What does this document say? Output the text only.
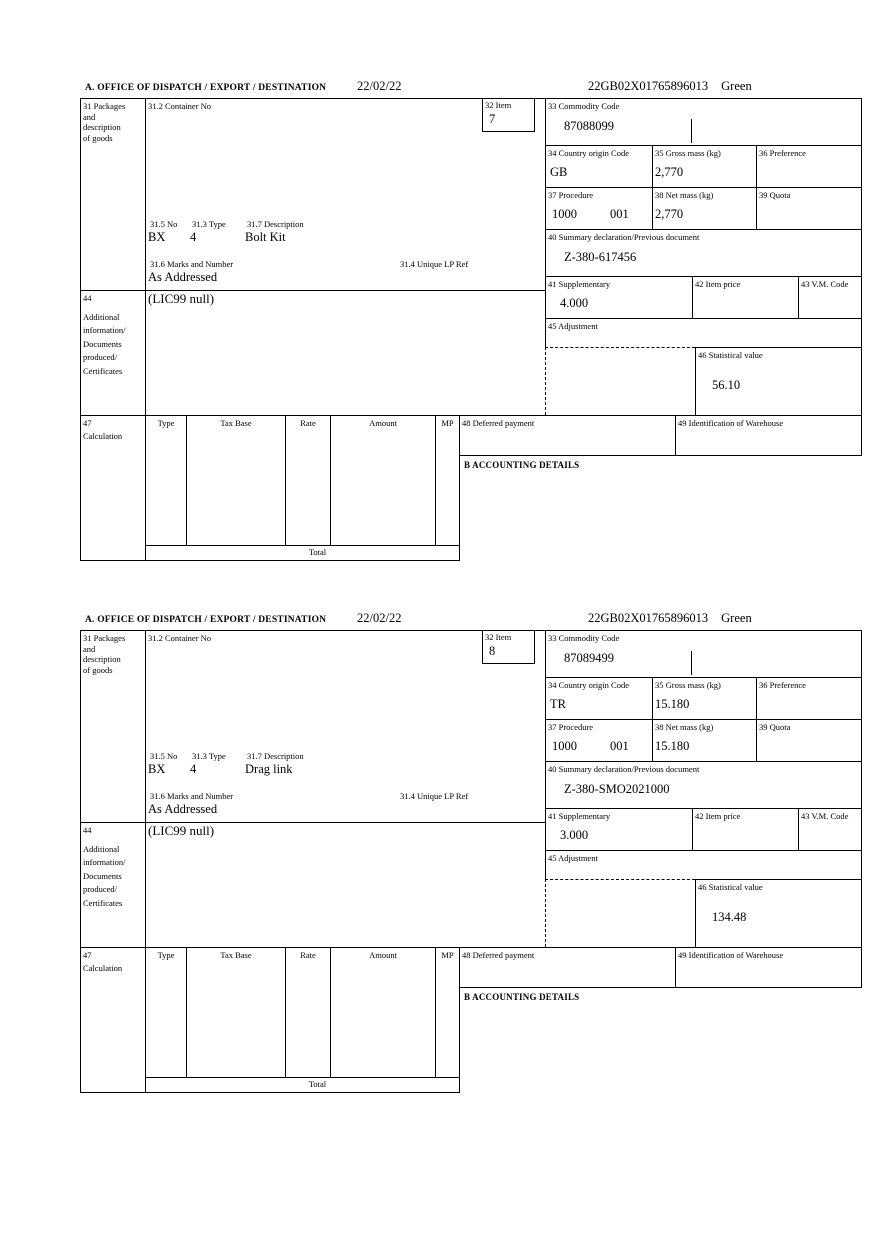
A. OFFICE OF DISPATCH / EXPORT / DESTINATION 22/02/22	22GB02X01765896013 Green
31 Packages
and
description
of goods
31.2 Container No
31.5 No 31.3 Type	31.7 Description
BX 4	Bolt Kit
31.6 Marks and Number	31.4 Unique LP Ref
As Addressed
32 Item
7
33 Commodity Code
87088099
34 Country origin Code
GB
35 Gross mass (kg)
2,770
36 Preference
37 Procedure
1000	001
38 Net mass (kg)
2,770
39 Quota
40 Summary declaration/Previous document
Z-380-617456
41 Supplementary
4.000
42 Item price	43 V.M. Code
45 Adjustment
46 Statistical value
56.10
44
Additional
information/
Documents
produced/
Certificates
(LIC99 null)
47
Calculation
Type	Tax Base	Rate	Amount	MP
Total
48 Deferred payment	49 Identification of Warehouse
B ACCOUNTING DETAILS
A. OFFICE OF DISPATCH / EXPORT / DESTINATION 22/02/22	22GB02X01765896013 Green
31 Packages
and
description
of goods
31.2 Container No
31.5 No 31.3 Type	31.7 Description
BX 4	Drag link
31.6 Marks and Number	31.4 Unique LP Ref
As Addressed
32 Item
8
33 Commodity Code
87089499
34 Country origin Code
TR
35 Gross mass (kg)
15.180
36 Preference
37 Procedure
1000	001
38 Net mass (kg)
15.180
39 Quota
40 Summary declaration/Previous document
Z-380-SMO2021000
41 Supplementary
3.000
42 Item price	43 V.M. Code
45 Adjustment
46 Statistical value
134.48
44
Additional
information/
Documents
produced/
Certificates
(LIC99 null)
47
Calculation
Type	Tax Base	Rate	Amount	MP
Total
48 Deferred payment	49 Identification of Warehouse
B ACCOUNTING DETAILS
